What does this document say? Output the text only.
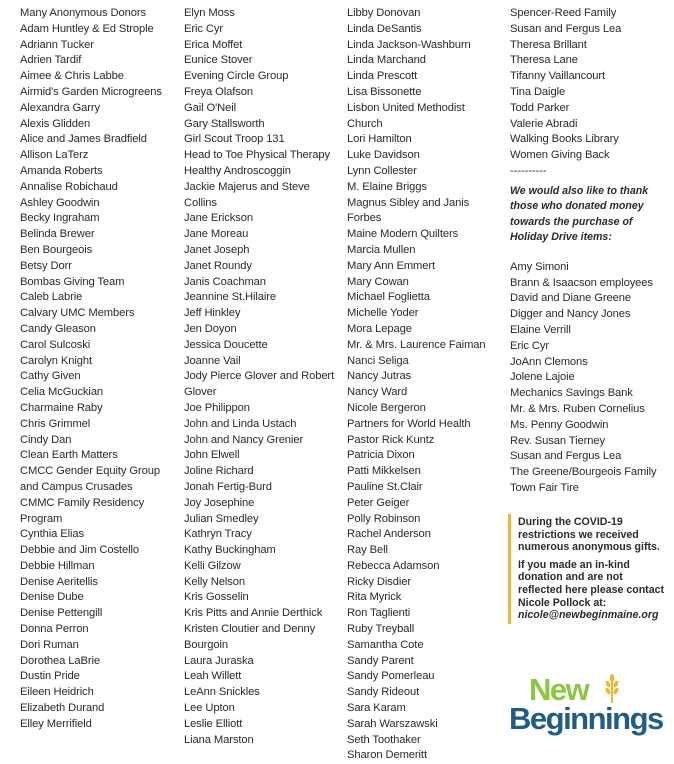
Many Anonymous Donors
Adam Huntley & Ed Strople
Adriann Tucker
Adrien Tardif
Aimee & Chris Labbe
Airmid's Garden Microgreens
Alexandra Garry
Alexis Glidden
Alice and James Bradfield
Allison LaTerz
Amanda Roberts
Annalise Robichaud
Ashley Goodwin
Becky Ingraham
Belinda Brewer
Ben Bourgeois
Betsy Dorr
Bombas Giving Team
Caleb Labrie
Calvary UMC Members
Candy Gleason
Carol Sulcoski
Carolyn Knight
Cathy Given
Celia McGuckian
Charmaine Raby
Chris Grimmel
Cindy Dan
Clean Earth Matters
CMCC Gender Equity Group and Campus Crusades
CMMC Family Residency Program
Cynthia Elias
Debbie and Jim Costello
Debbie Hillman
Denise Aeritellis
Denise Dube
Denise Pettengill
Donna Perron
Dori Ruman
Dorothea LaBrie
Dustin Pride
Eileen Heidrich
Elizabeth Durand
Elley Merrifield
Elyn Moss
Eric Cyr
Erica Moffet
Eunice Stover
Evening Circle Group
Freya Olafson
Gail O'Neil
Gary Stallsworth
Girl Scout Troop 131
Head to Toe Physical Therapy
Healthy Androscoggin
Jackie Majerus and Steve Collins
Jane Erickson
Jane Moreau
Janet Joseph
Janet Roundy
Janis Coachman
Jeannine St.Hilaire
Jeff Hinkley
Jen Doyon
Jessica Doucette
Joanne Vail
Jody Pierce Glover and Robert Glover
Joe Philippon
John and Linda Ustach
John and Nancy Grenier
John Elwell
Joline Richard
Jonah Fertig-Burd
Joy Josephine
Julian Smedley
Kathryn Tracy
Kathy Buckingham
Kelli Gilzow
Kelly Nelson
Kris Gosselin
Kris Pitts and Annie Derthick
Kristen Cloutier and Denny Bourgoin
Laura Juraska
Leah Willett
LeAnn Snickles
Lee Upton
Leslie Elliott
Liana Marston
Libby Donovan
Linda DeSantis
Linda Jackson-Washburn
Linda Marchand
Linda Prescott
Lisa Bissonette
Lisbon United Methodist Church
Lori Hamilton
Luke Davidson
Lynn Collester
M. Elaine Briggs
Magnus Sibley and Janis Forbes
Maine Modern Quilters
Marcia Mullen
Mary Ann Emmert
Mary Cowan
Michael Foglietta
Michelle Yoder
Mora Lepage
Mr. & Mrs. Laurence Faiman
Nanci Seliga
Nancy Jutras
Nancy Ward
Nicole Bergeron
Partners for World Health
Pastor Rick Kuntz
Patricia Dixon
Patti Mikkelsen
Pauline St.Clair
Peter Geiger
Polly Robinson
Rachel Anderson
Ray Bell
Rebecca Adamson
Ricky Disdier
Rita Myrick
Ron Taglienti
Ruby Treyball
Samantha Cote
Sandy Parent
Sandy Pomerleau
Sandy Rideout
Sara Karam
Sarah Warszawski
Seth Toothaker
Sharon Demeritt
Spencer-Reed Family
Susan and Fergus Lea
Theresa Brillant
Theresa Lane
Tifanny Vaillancourt
Tina Daigle
Todd Parker
Valerie Abradi
Walking Books Library
Women Giving Back
----------

We would also like to thank those who donated money towards the purchase of Holiday Drive items:

Amy Simoni
Brann & Isaacson employees
David and Diane Greene
Digger and Nancy Jones
Elaine Verrill
Eric Cyr
JoAnn Clemons
Jolene Lajoie
Mechanics Savings Bank
Mr. & Mrs. Ruben Cornelius
Ms. Penny Goodwin
Rev. Susan Tierney
Susan and Fergus Lea
The Greene/Bourgeois Family
Town Fair Tire

During the COVID-19 restrictions we received numerous anonymous gifts.

If you made an in-kind donation and are not reflected here please contact Nicole Pollock at:
nicole@newbeginmaine.org

New
Beginnings
